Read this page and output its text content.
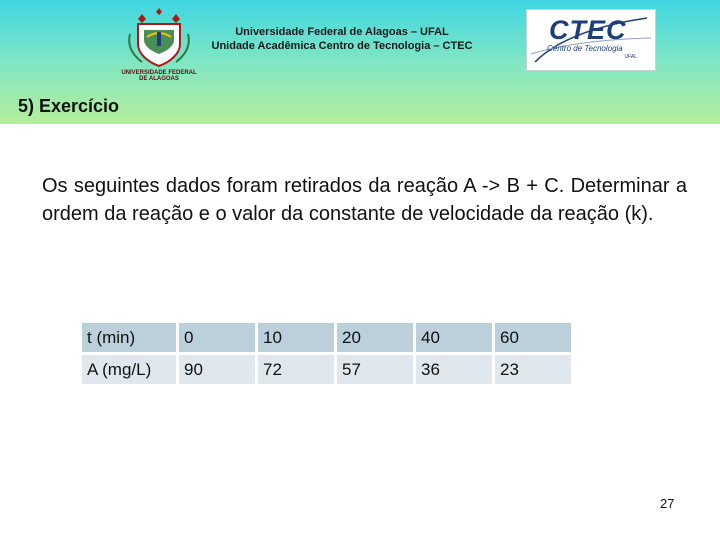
UNIVERSIDADE FEDERAL
DE ALAGOAS
Universidade Federal de Alagoas – UFAL
Unidade Acadêmica Centro de Tecnologia – CTEC
CTEC
Centro de Tecnologia
UFAL
5) Exercício
Os seguintes dados foram retirados da reação A -> B + C. Determinar a ordem da reação e o valor da constante de velocidade da reação (k).
t (min)	0	10	20	40	60
A (mg/L)	90	72	57	36	23
27
